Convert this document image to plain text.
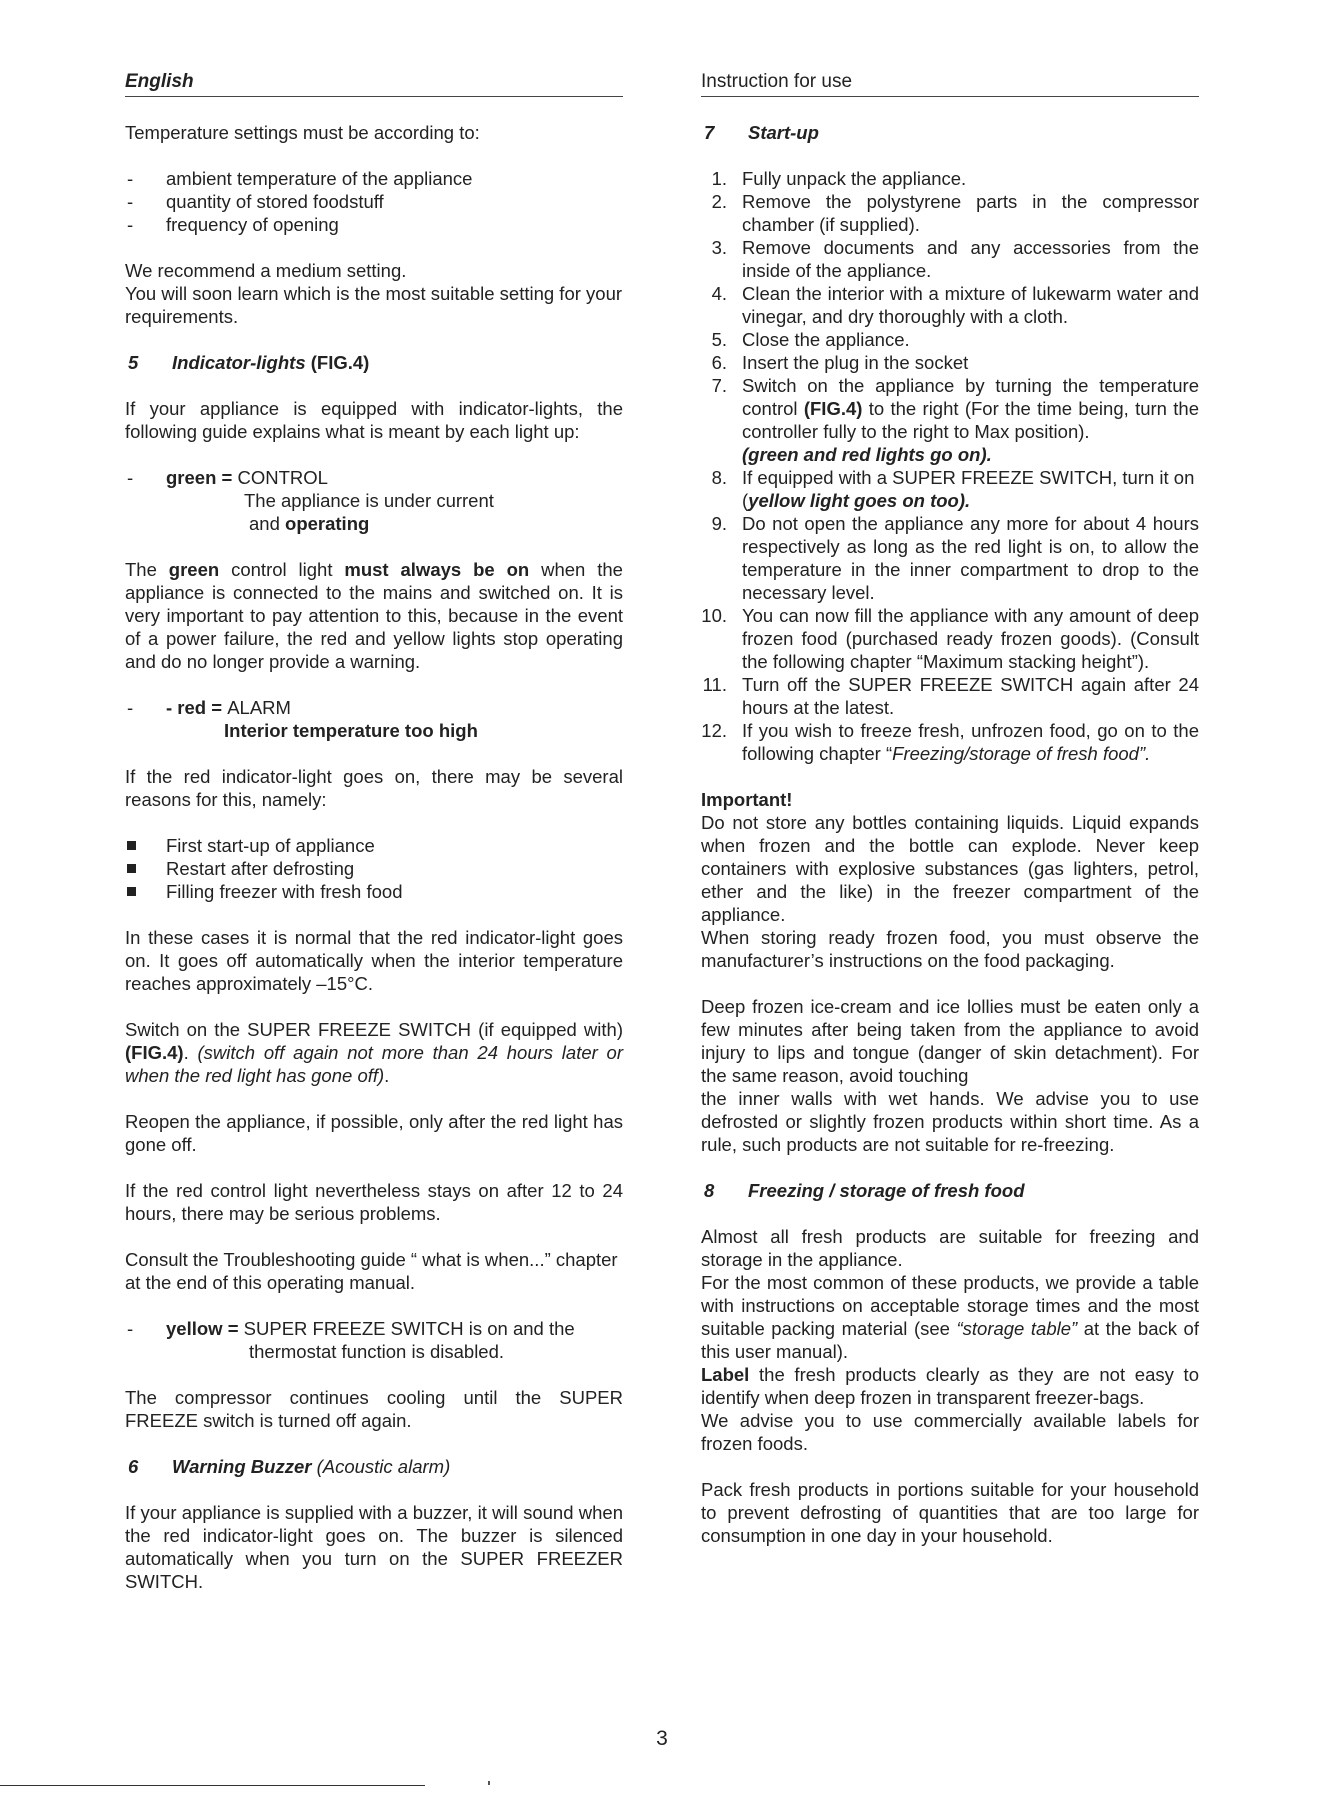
English

Temperature settings must be according to:

- ambient temperature of the appliance
- quantity of stored foodstuff
- frequency of opening

We recommend a medium setting.

You will soon learn which is the most suitable setting for your requirements.

5 Indicator-lights (FIG.4)

If your appliance is equipped with indicator-lights, the following guide explains what is meant by each light up:

- green = CONTROL
The appliance is under current
and operating

The green control light must always be on when the appliance is connected to the mains and switched on. It is very important to pay attention to this, because in the event of a power failure, the red and yellow lights stop operating and do no longer provide a warning.

- - red = ALARM
Interior temperature too high

If the red indicator-light goes on, there may be several reasons for this, namely:

First start-up of appliance
Restart after defrosting
Filling freezer with fresh food

In these cases it is normal that the red indicator-light goes on. It goes off automatically when the interior temperature reaches approximately –15°C.

Switch on the SUPER FREEZE SWITCH (if equipped with) (FIG.4). (switch off again not more than 24 hours later or when the red light has gone off).

Reopen the appliance, if possible, only after the red light has gone off.

If the red control light nevertheless stays on after 12 to 24 hours, there may be serious problems.

Consult the Troubleshooting guide “ what is when...” chapter at the end of this operating manual.

- yellow = SUPER FREEZE SWITCH is on and the
thermostat function is disabled.

The compressor continues cooling until the SUPER FREEZE switch is turned off again.

6 Warning Buzzer (Acoustic alarm)

If your appliance is supplied with a buzzer, it will sound when the red indicator-light goes on. The buzzer is silenced automatically when you turn on the SUPER FREEZER SWITCH.

Instruction for use
7 Start-up
1. Fully unpack the appliance.
2. Remove the polystyrene parts in the compressor chamber (if supplied).
3. Remove documents and any accessories from the inside of the appliance.
4. Clean the interior with a mixture of lukewarm water and vinegar, and dry thoroughly with a cloth.
5. Close the appliance.
6. Insert the plug in the socket
7. Switch on the appliance by turning the temperature control (FIG.4) to the right (For the time being, turn the controller fully to the right to Max position).
(green and red lights go on).
8. If equipped with a SUPER FREEZE SWITCH, turn it on
(yellow light goes on too).
9. Do not open the appliance any more for about 4 hours respectively as long as the red light is on, to allow the temperature in the inner compartment to drop to the necessary level.
10. You can now fill the appliance with any amount of deep frozen food (purchased ready frozen goods). (Consult the following chapter “Maximum stacking height”).
11. Turn off the SUPER FREEZE SWITCH again after 24 hours at the latest.
12. If you wish to freeze fresh, unfrozen food, go on to the following chapter “Freezing/storage of fresh food”.
Important!

Do not store any bottles containing liquids. Liquid expands when frozen and the bottle can explode. Never keep containers with explosive substances (gas lighters, petrol, ether and the like) in the freezer compartment of the appliance.

When storing ready frozen food, you must observe the manufacturer’s instructions on the food packaging.

Deep frozen ice-cream and ice lollies must be eaten only a few minutes after being taken from the appliance to avoid injury to lips and tongue (danger of skin detachment). For the same reason, avoid touching

the inner walls with wet hands. We advise you to use defrosted or slightly frozen products within short time. As a rule, such products are not suitable for re-freezing.

8 Freezing / storage of fresh food

Almost all fresh products are suitable for freezing and storage in the appliance.

For the most common of these products, we provide a table with instructions on acceptable storage times and the most suitable packing material (see “storage table” at the back of this user manual).

Label the fresh products clearly as they are not easy to identify when deep frozen in transparent freezer-bags.

We advise you to use commercially available labels for frozen foods.

Pack fresh products in portions suitable for your household to prevent defrosting of quantities that are too large for consumption in one day in your household.

3
